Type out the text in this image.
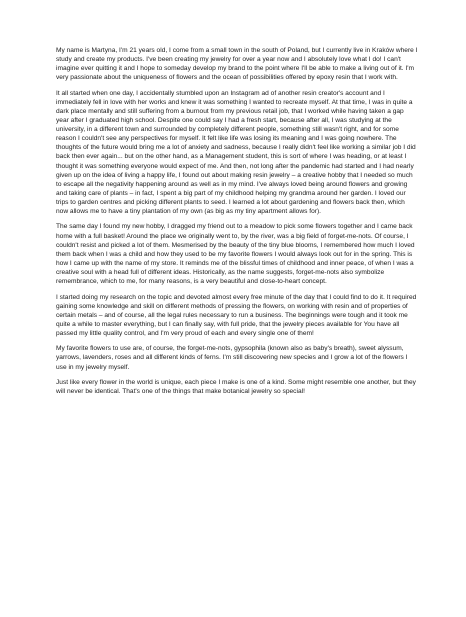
My name is Martyna, I'm 21 years old, I come from a small town in the south of Poland, but I currently live in Kraków where I study and create my products. I've been creating my jewelry for over a year now and I absolutely love what I do! I can't imagine ever quitting it and I hope to someday develop my brand to the point where I'll be able to make a living out of it. I'm very passionate about the uniqueness of flowers and the ocean of possibilities offered by epoxy resin that I work with.

It all started when one day, I accidentally stumbled upon an Instagram ad of another resin creator's account and I immediately fell in love with her works and knew it was something I wanted to recreate myself. At that time, I was in quite a dark place mentally and still suffering from a burnout from my previous retail job, that I worked while having taken a gap year after I graduated high school. Despite one could say I had a fresh start, because after all, I was studying at the university, in a different town and surrounded by completely different people, something still wasn't right, and for some reason I couldn't see any perspectives for myself. It felt like life was losing its meaning and I was going nowhere. The thoughts of the future would bring me a lot of anxiety and sadness, because I really didn't feel like working a similar job I did back then ever again... but on the other hand, as a Management student, this is sort of where I was heading, or at least I thought it was something everyone would expect of me. And then, not long after the pandemic had started and I had nearly given up on the idea of living a happy life, I found out about making resin jewelry – a creative hobby that I needed so much to escape all the negativity happening around as well as in my mind. I've always loved being around flowers and growing and taking care of plants – in fact, I spent a big part of my childhood helping my grandma around her garden. I loved our trips to garden centres and picking different plants to seed. I learned a lot about gardening and flowers back then, which now allows me to have a tiny plantation of my own (as big as my tiny apartment allows for).

The same day I found my new hobby, I dragged my friend out to a meadow to pick some flowers together and I came back home with a full basket! Around the place we originally went to, by the river, was a big field of forget-me-nots. Of course, I couldn't resist and picked a lot of them. Mesmerised by the beauty of the tiny blue blooms, I remembered how much I loved them back when I was a child and how they used to be my favorite flowers I would always look out for in the spring. This is how I came up with the name of my store. It reminds me of the blissful times of childhood and inner peace, of when I was a creative soul with a head full of different ideas. Historically, as the name suggests, forget-me-nots also symbolize remembrance, which to me, for many reasons, is a very beautiful and close-to-heart concept.

I started doing my research on the topic and devoted almost every free minute of the day that I could find to do it. It required gaining some knowledge and skill on different methods of pressing the flowers, on working with resin and of properties of certain metals – and of course, all the legal rules necessary to run a business. The beginnings were tough and it took me quite a while to master everything, but I can finally say, with full pride, that the jewelry pieces available for You have all passed my little quality control, and I'm very proud of each and every single one of them!

My favorite flowers to use are, of course, the forget-me-nots, gypsophila (known also as baby's breath), sweet alyssum, yarrows, lavenders, roses and all different kinds of ferns. I'm still discovering new species and I grow a lot of the flowers I use in my jewelry myself.

Just like every flower in the world is unique, each piece I make is one of a kind. Some might resemble one another, but they will never be identical. That's one of the things that make botanical jewelry so special!
